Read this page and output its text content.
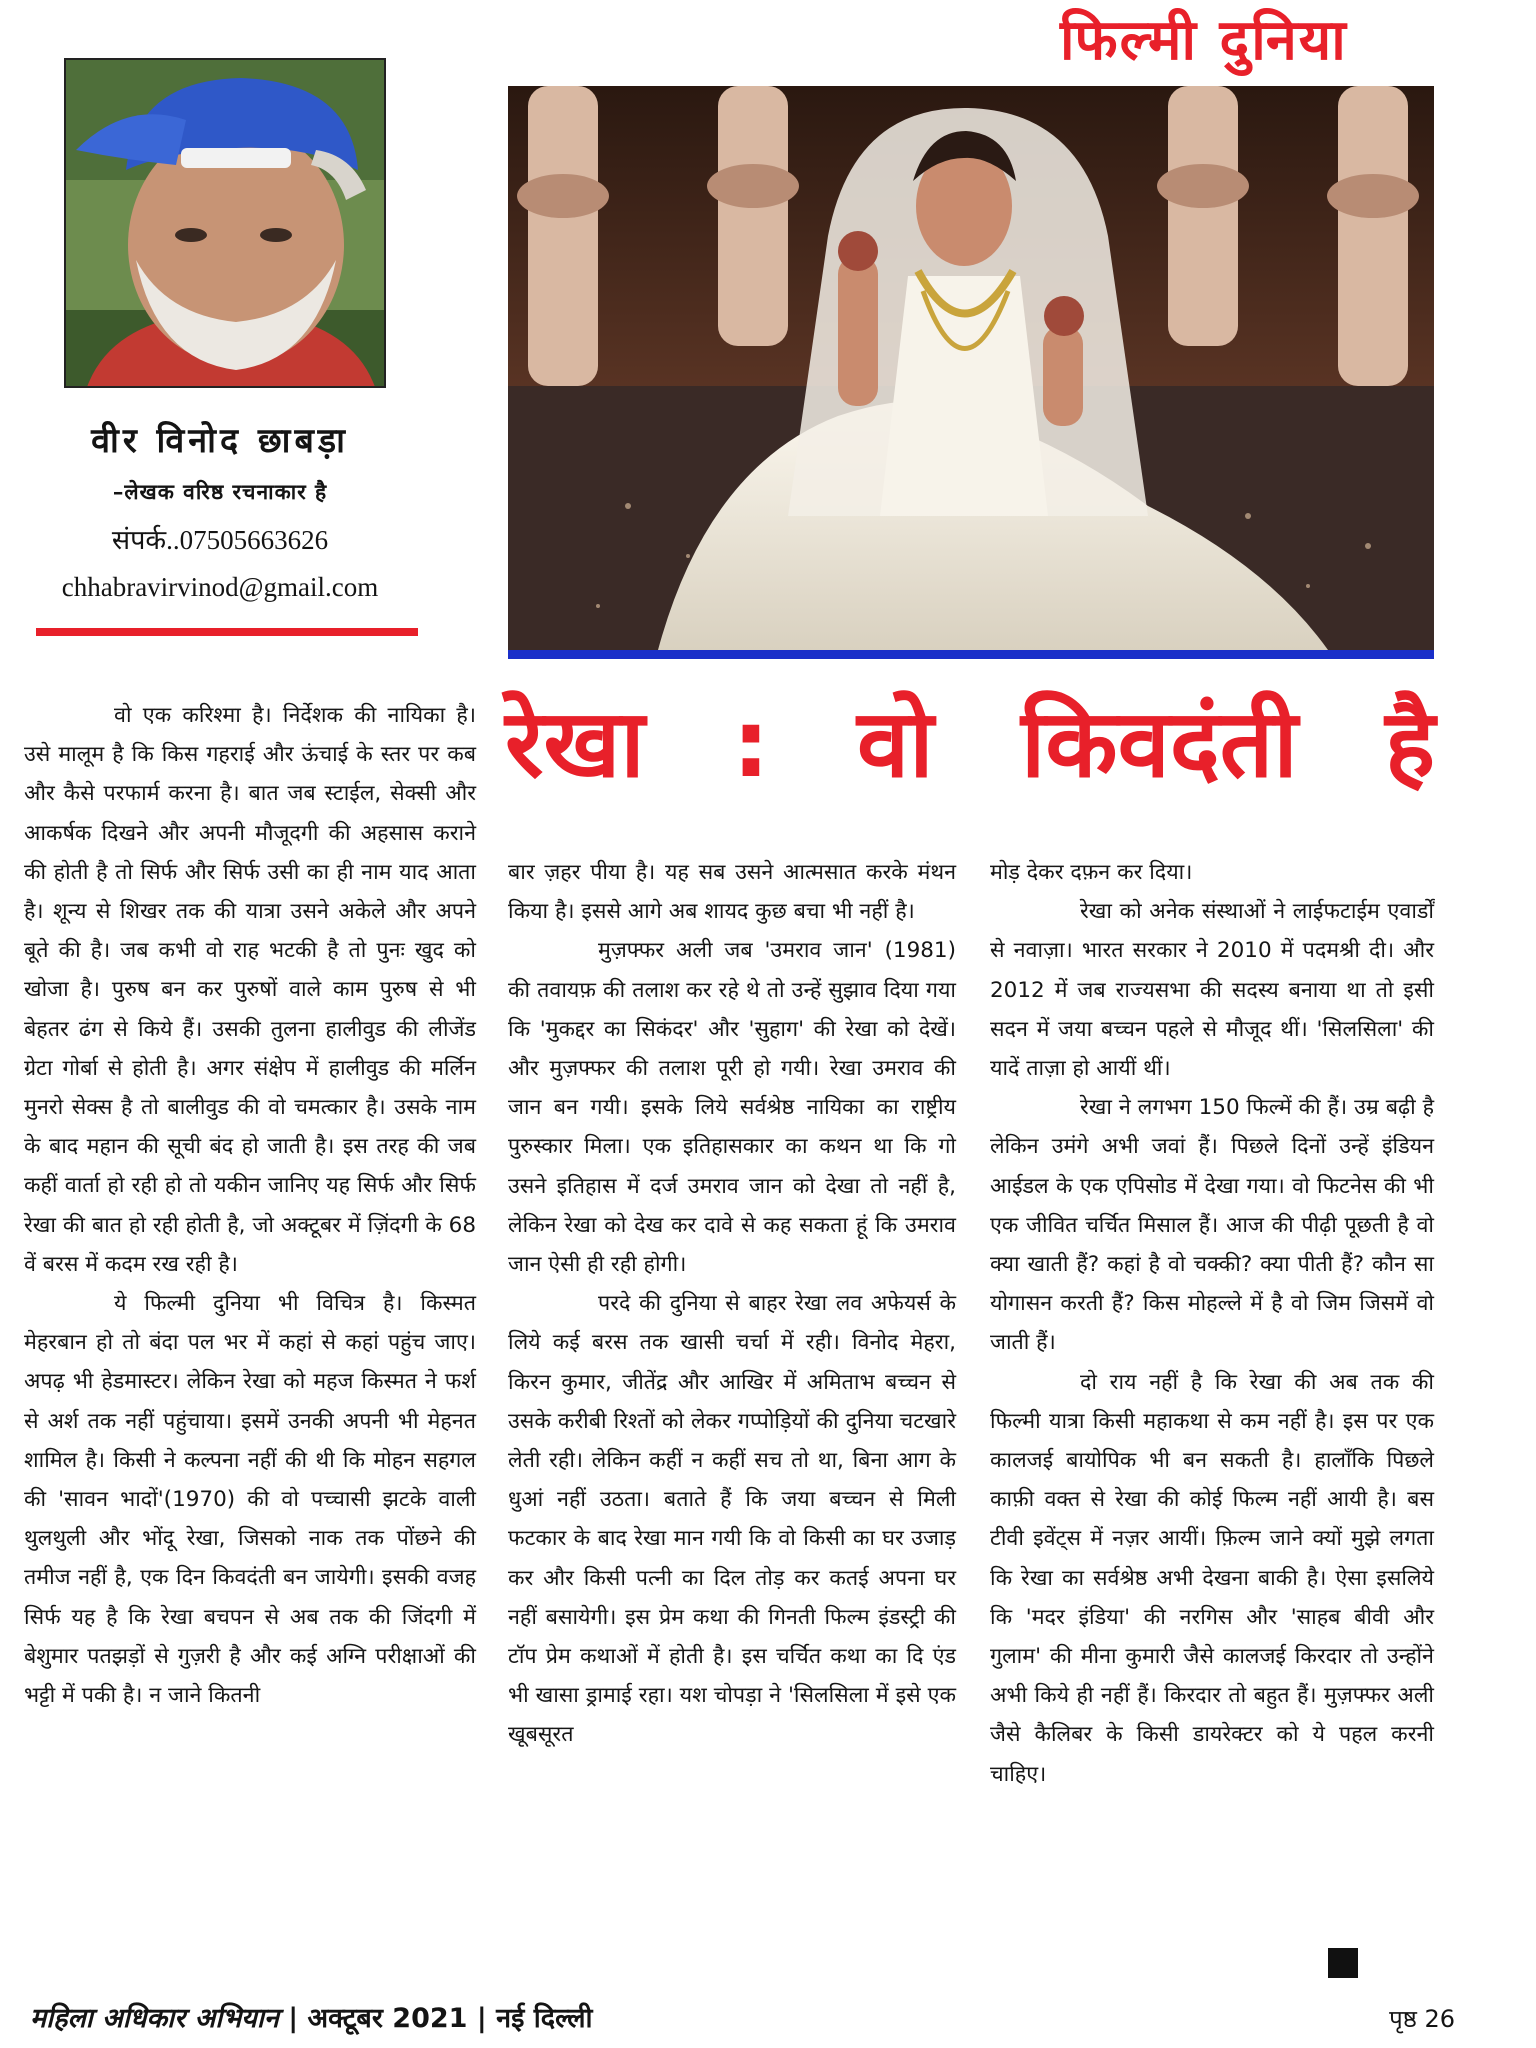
फिल्मी दुनिया
वीर विनोद छाबड़ा
–लेखक वरिष्ठ रचनाकार है
संपर्क..07505663626
chhabravirvinod@gmail.com
रेखा : वो किवदंती है

वो एक करिश्मा है। निर्देशक की नायिका है। उसे मालूम है कि किस गहराई और ऊंचाई के स्तर पर कब और कैसे परफार्म करना है। बात जब स्टाईल, सेक्सी और आकर्षक दिखने और अपनी मौजूदगी की अहसास कराने की होती है तो सिर्फ और सिर्फ उसी का ही नाम याद आता है। शून्य से शिखर तक की यात्रा उसने अकेले और अपने बूते की है। जब कभी वो राह भटकी है तो पुनः खुद को खोजा है। पुरुष बन कर पुरुषों वाले काम पुरुष से भी बेहतर ढंग से किये हैं। उसकी तुलना हालीवुड की लीजेंड ग्रेटा गोर्बा से होती है। अगर संक्षेप में हालीवुड की मर्लिन मुनरो सेक्स है तो बालीवुड की वो चमत्कार है। उसके नाम के बाद महान की सूची बंद हो जाती है। इस तरह की जब कहीं वार्ता हो रही हो तो यकीन जानिए यह सिर्फ और सिर्फ रेखा की बात हो रही होती है, जो अक्टूबर में ज़िंदगी के 68 वें बरस में कदम रख रही है।

ये फिल्मी दुनिया भी विचित्र है। किस्मत मेहरबान हो तो बंदा पल भर में कहां से कहां पहुंच जाए। अपढ़ भी हेडमास्टर। लेकिन रेखा को महज किस्मत ने फर्श से अर्श तक नहीं पहुंचाया। इसमें उनकी अपनी भी मेहनत शामिल है। किसी ने कल्पना नहीं की थी कि मोहन सहगल की 'सावन भादों'(1970) की वो पच्चासी झटके वाली थुलथुली और भोंदू रेखा, जिसको नाक तक पोंछने की तमीज नहीं है, एक दिन किवदंती बन जायेगी। इसकी वजह सिर्फ यह है कि रेखा बचपन से अब तक की जिंदगी में बेशुमार पतझड़ों से गुज़री है और कई अग्नि परीक्षाओं की भट्टी में पकी है। न जाने कितनी

बार ज़हर पीया है। यह सब उसने आत्मसात करके मंथन किया है। इससे आगे अब शायद कुछ बचा भी नहीं है।

मुज़फ्फर अली जब 'उमराव जान' (1981) की तवायफ़ की तलाश कर रहे थे तो उन्हें सुझाव दिया गया कि 'मुकद्दर का सिकंदर' और 'सुहाग' की रेखा को देखें। और मुज़फ्फर की तलाश पूरी हो गयी। रेखा उमराव की जान बन गयी। इसके लिये सर्वश्रेष्ठ नायिका का राष्ट्रीय पुरुस्कार मिला। एक इतिहासकार का कथन था कि गो उसने इतिहास में दर्ज उमराव जान को देखा तो नहीं है, लेकिन रेखा को देख कर दावे से कह सकता हूं कि उमराव जान ऐसी ही रही होगी।

परदे की दुनिया से बाहर रेखा लव अफेयर्स के लिये कई बरस तक खासी चर्चा में रही। विनोद मेहरा, किरन कुमार, जीतेंद्र और आखिर में अमिताभ बच्चन से उसके करीबी रिश्तों को लेकर गप्पोड़ियों की दुनिया चटखारे लेती रही। लेकिन कहीं न कहीं सच तो था, बिना आग के धुआं नहीं उठता। बताते हैं कि जया बच्चन से मिली फटकार के बाद रेखा मान गयी कि वो किसी का घर उजाड़ कर और किसी पत्नी का दिल तोड़ कर कतई अपना घर नहीं बसायेगी। इस प्रेम कथा की गिनती फिल्म इंडस्ट्री की टॉप प्रेम कथाओं में होती है। इस चर्चित कथा का दि एंड भी खासा ड्रामाई रहा। यश चोपड़ा ने 'सिलसिला में इसे एक खूबसूरत

मोड़ देकर दफ़न कर दिया।

रेखा को अनेक संस्थाओं ने लाईफटाईम एवार्डों से नवाज़ा। भारत सरकार ने 2010 में पदमश्री दी। और 2012 में जब राज्यसभा की सदस्य बनाया था तो इसी सदन में जया बच्चन पहले से मौजूद थीं। 'सिलसिला' की यादें ताज़ा हो आयीं थीं।

रेखा ने लगभग 150 फिल्में की हैं। उम्र बढ़ी है लेकिन उमंगे अभी जवां हैं। पिछले दिनों उन्हें इंडियन आईडल के एक एपिसोड में देखा गया। वो फिटनेस की भी एक जीवित चर्चित मिसाल हैं। आज की पीढ़ी पूछती है वो क्या खाती हैं? कहां है वो चक्की? क्या पीती हैं? कौन सा योगासन करती हैं? किस मोहल्ले में है वो जिम जिसमें वो जाती हैं।

दो राय नहीं है कि रेखा की अब तक की फिल्मी यात्रा किसी महाकथा से कम नहीं है। इस पर एक कालजई बायोपिक भी बन सकती है। हालाँकि पिछले काफ़ी वक्त से रेखा की कोई फिल्म नहीं आयी है। बस टीवी इवेंट्स में नज़र आयीं। फ़िल्म जाने क्यों मुझे लगता कि रेखा का सर्वश्रेष्ठ अभी देखना बाकी है। ऐसा इसलिये कि 'मदर इंडिया' की नरगिस और 'साहब बीवी और गुलाम' की मीना कुमारी जैसे कालजई किरदार तो उन्होंने अभी किये ही नहीं हैं। किरदार तो बहुत हैं। मुज़फ्फर अली जैसे कैलिबर के किसी डायरेक्टर को ये पहल करनी चाहिए।

महिला अधिकार अभियान | अक्टूबर 2021 | नई दिल्ली	पृष्ठ 26
